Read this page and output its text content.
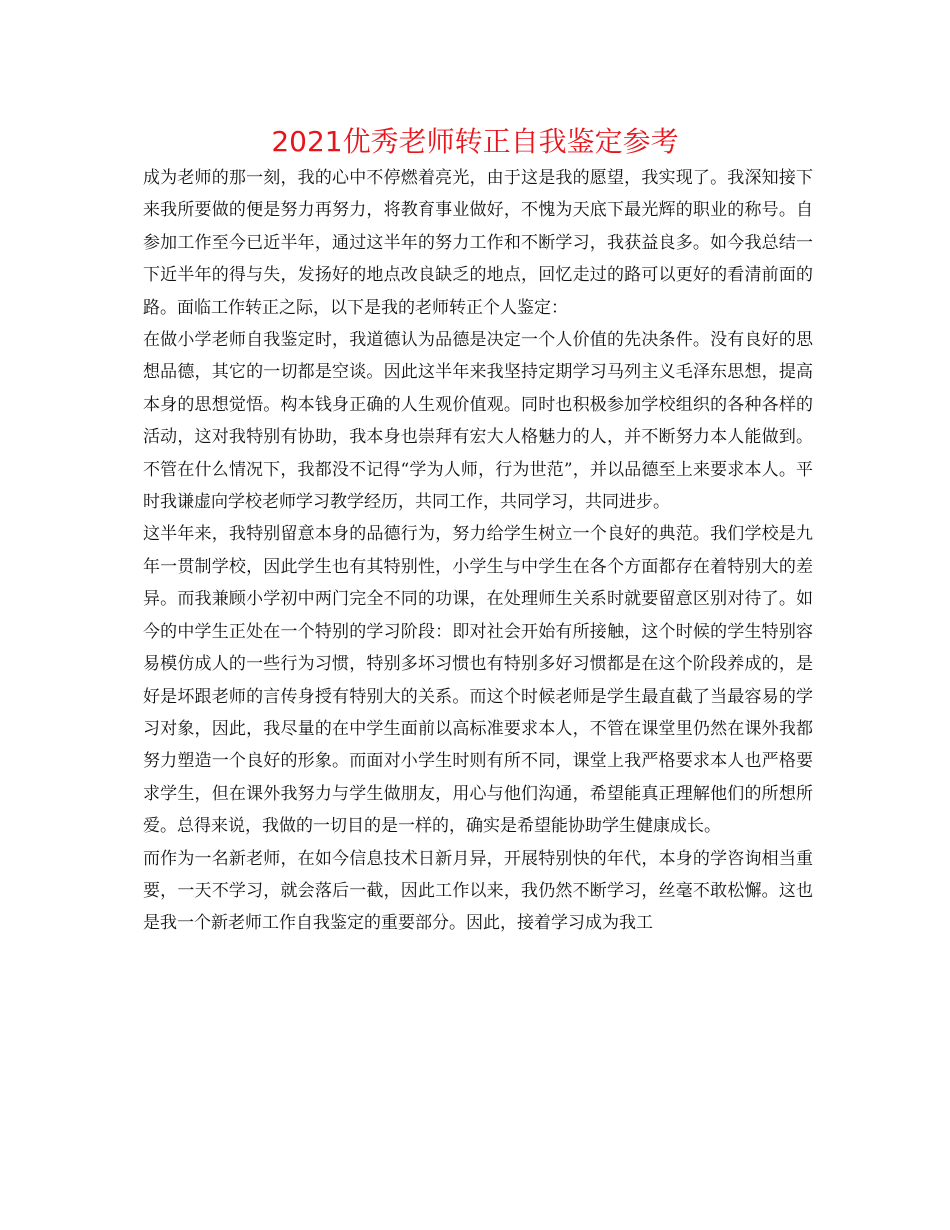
2021优秀老师转正自我鉴定参考

成为老师的那一刻，我的心中不停燃着亮光，由于这是我的愿望，我实现了。我深知接下来我所要做的便是努力再努力，将教育事业做好，不愧为天底下最光辉的职业的称号。自参加工作至今已近半年，通过这半年的努力工作和不断学习，我获益良多。如今我总结一下近半年的得与失，发扬好的地点改良缺乏的地点，回忆走过的路可以更好的看清前面的路。面临工作转正之际，以下是我的老师转正个人鉴定：

在做小学老师自我鉴定时，我道德认为品德是决定一个人价值的先决条件。没有良好的思想品德，其它的一切都是空谈。因此这半年来我坚持定期学习马列主义毛泽东思想，提高本身的思想觉悟。构本钱身正确的人生观价值观。同时也积极参加学校组织的各种各样的活动，这对我特别有协助，我本身也崇拜有宏大人格魅力的人，并不断努力本人能做到。不管在什么情况下，我都没不记得“学为人师，行为世范”，并以品德至上来要求本人。平时我谦虚向学校老师学习教学经历，共同工作，共同学习，共同进步。

这半年来，我特别留意本身的品德行为，努力给学生树立一个良好的典范。我们学校是九年一贯制学校，因此学生也有其特别性，小学生与中学生在各个方面都存在着特别大的差异。而我兼顾小学初中两门完全不同的功课，在处理师生关系时就要留意区别对待了。如今的中学生正处在一个特别的学习阶段：即对社会开始有所接触，这个时候的学生特别容易模仿成人的一些行为习惯，特别多坏习惯也有特别多好习惯都是在这个阶段养成的，是好是坏跟老师的言传身授有特别大的关系。而这个时候老师是学生最直截了当最容易的学习对象，因此，我尽量的在中学生面前以高标准要求本人，不管在课堂里仍然在课外我都努力塑造一个良好的形象。而面对小学生时则有所不同，课堂上我严格要求本人也严格要求学生，但在课外我努力与学生做朋友，用心与他们沟通，希望能真正理解他们的所想所爱。总得来说，我做的一切目的是一样的，确实是希望能协助学生健康成长。

而作为一名新老师，在如今信息技术日新月异，开展特别快的年代，本身的学咨询相当重要，一天不学习，就会落后一截，因此工作以来，我仍然不断学习，丝毫不敢松懈。这也是我一个新老师工作自我鉴定的重要部分。因此，接着学习成为我工
